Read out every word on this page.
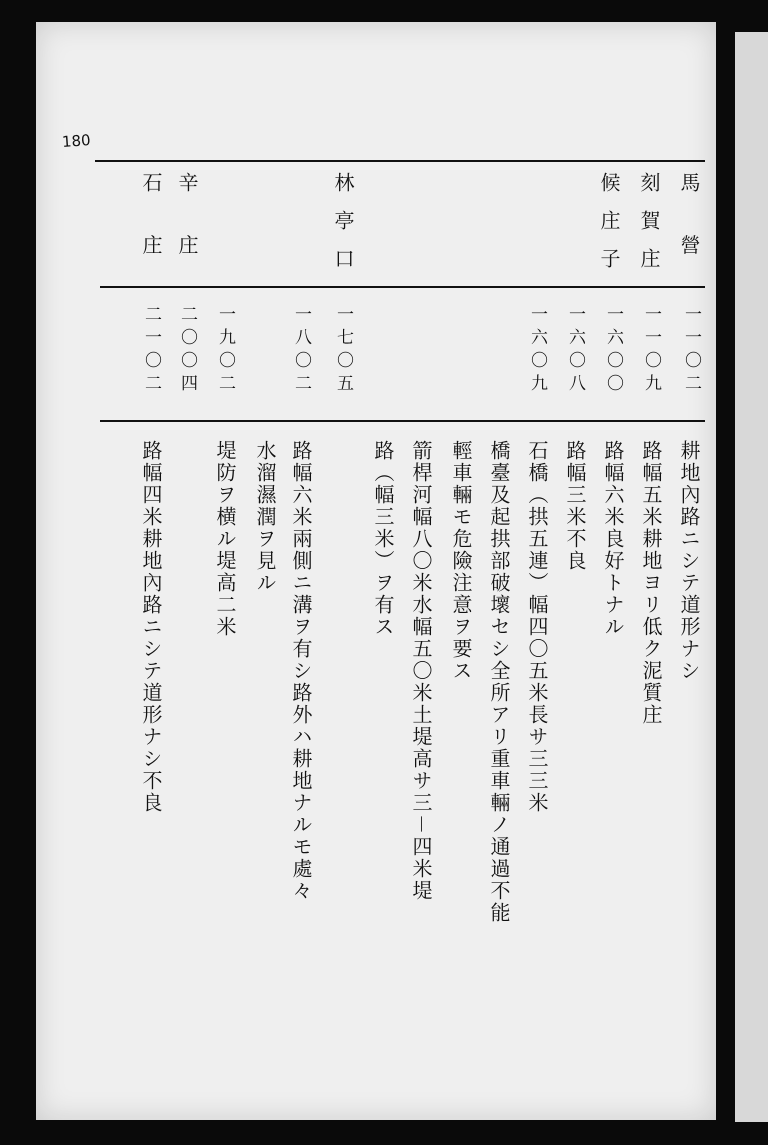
180
馬 營
刻賀庄
候庄子
林亭口
辛 庄
石 庄
一一〇二
一一〇九
一六〇〇
一六〇八
一六〇九
一七〇五
一八〇二
一九〇二
二〇〇四
二一〇二
耕地內路ニシテ道形ナシ
路幅五米耕地ヨリ低ク泥質庄
路幅六米良好トナル
路幅三米不良
石橋（拱五連）幅四〇五米長サ三三米
橋臺及起拱部破壞セシ全所アリ重車輛ノ通過不能
輕車輛モ危險注意ヲ要ス
箭桿河幅八〇米水幅五〇米土堤高サ三－四米堤
路（幅三米）ヲ有ス
路幅六米兩側ニ溝ヲ有シ路外ハ耕地ナルモ處々
水溜濕潤ヲ見ル
堤防ヲ横ル堤高二米
路幅四米耕地內路ニシテ道形ナシ不良
